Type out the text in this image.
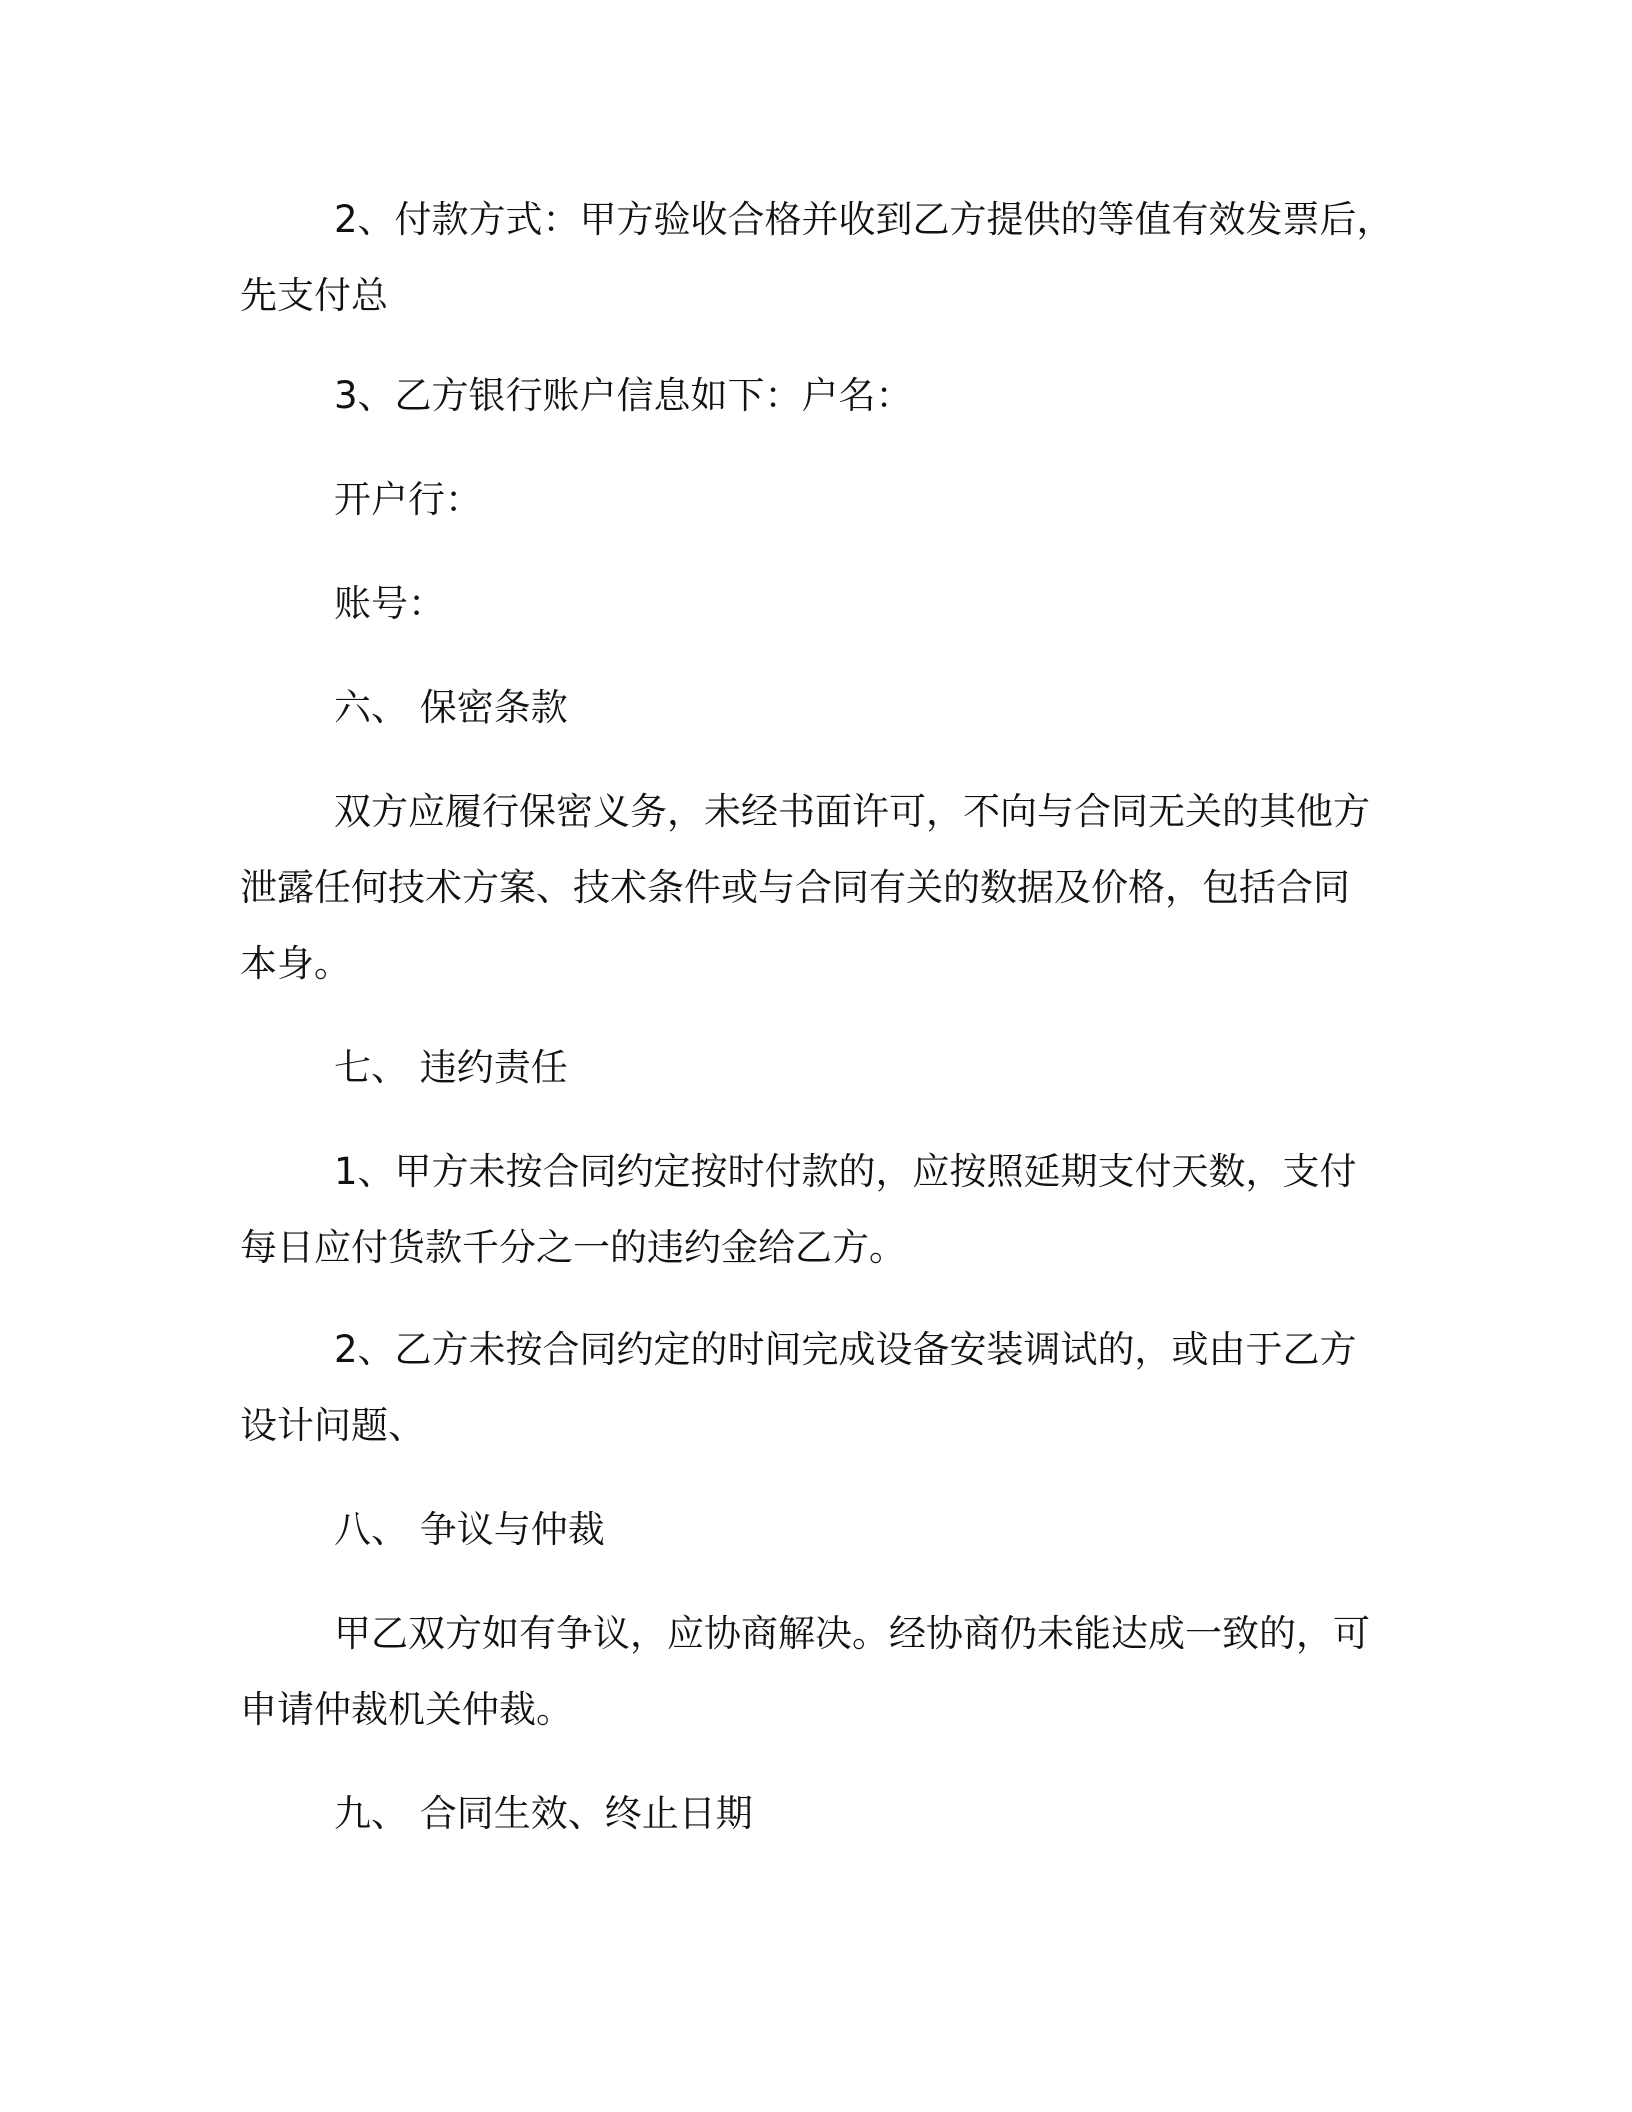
2、付款方式：甲方验收合格并收到乙方提供的等值有效发票后，
先支付总
3、乙方银行账户信息如下：户名：
开户行：
账号：
六、 保密条款
双方应履行保密义务，未经书面许可，不向与合同无关的其他方
泄露任何技术方案、技术条件或与合同有关的数据及价格，包括合同
本身。
七、 违约责任
1、甲方未按合同约定按时付款的，应按照延期支付天数，支付
每日应付货款千分之一的违约金给乙方。
2、乙方未按合同约定的时间完成设备安装调试的，或由于乙方
设计问题、
八、 争议与仲裁
甲乙双方如有争议，应协商解决。经协商仍未能达成一致的，可
申请仲裁机关仲裁。
九、 合同生效、终止日期
